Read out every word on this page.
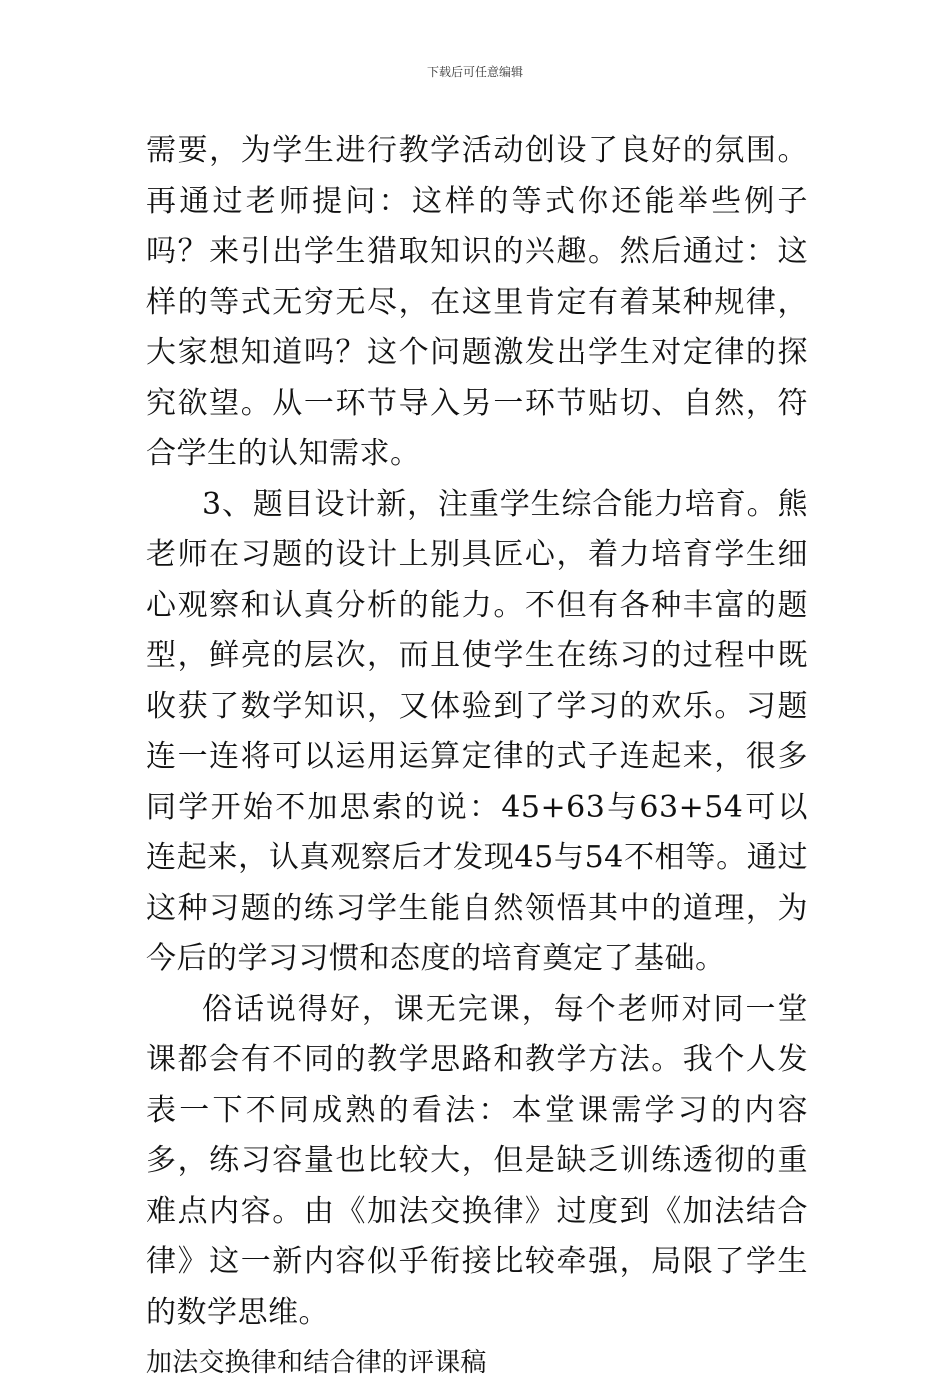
下载后可任意编辑

需要，为学生进行教学活动创设了良好的氛围。再通过老师提问：这样的等式你还能举些例子吗？来引出学生猎取知识的兴趣。然后通过：这样的等式无穷无尽，在这里肯定有着某种规律，大家想知道吗？这个问题激发出学生对定律的探究欲望。从一环节导入另一环节贴切、自然，符合学生的认知需求。

3、题目设计新，注重学生综合能力培育。熊老师在习题的设计上别具匠心，着力培育学生细心观察和认真分析的能力。不但有各种丰富的题型，鲜亮的层次，而且使学生在练习的过程中既收获了数学知识，又体验到了学习的欢乐。习题连一连将可以运用运算定律的式子连起来，很多同学开始不加思索的说：45+63与63+54可以连起来，认真观察后才发现45与54不相等。通过这种习题的练习学生能自然领悟其中的道理，为今后的学习习惯和态度的培育奠定了基础。

俗话说得好，课无完课，每个老师对同一堂课都会有不同的教学思路和教学方法。我个人发表一下不同成熟的看法：本堂课需学习的内容多，练习容量也比较大，但是缺乏训练透彻的重难点内容。由《加法交换律》过度到《加法结合律》这一新内容似乎衔接比较牵强，局限了学生的数学思维。

加法交换律和结合律的评课稿
